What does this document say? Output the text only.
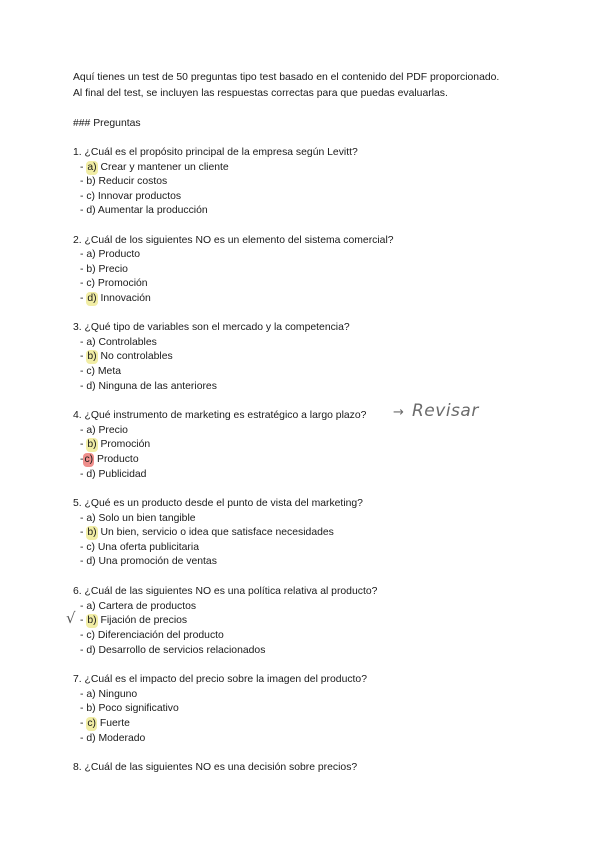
Aquí tienes un test de 50 preguntas tipo test basado en el contenido del PDF proporcionado.
Al final del test, se incluyen las respuestas correctas para que puedas evaluarlas.
### Preguntas
1. ¿Cuál es el propósito principal de la empresa según Levitt?
- a) Crear y mantener un cliente
- b) Reducir costos
- c) Innovar productos
- d) Aumentar la producción
2. ¿Cuál de los siguientes NO es un elemento del sistema comercial?
- a) Producto
- b) Precio
- c) Promoción
- d) Innovación
3. ¿Qué tipo de variables son el mercado y la competencia?
- a) Controlables
- b) No controlables
- c) Meta
- d) Ninguna de las anteriores
4. ¿Qué instrumento de marketing es estratégico a largo plazo? → Revisar
- a) Precio
- b) Promoción
-c) Producto
- d) Publicidad
5. ¿Qué es un producto desde el punto de vista del marketing?
- a) Solo un bien tangible
- b) Un bien, servicio o idea que satisface necesidades
- c) Una oferta publicitaria
- d) Una promoción de ventas
6. ¿Cuál de las siguientes NO es una política relativa al producto?
√
- a) Cartera de productos
- b) Fijación de precios
- c) Diferenciación del producto
- d) Desarrollo de servicios relacionados
7. ¿Cuál es el impacto del precio sobre la imagen del producto?
- a) Ninguno
- b) Poco significativo
- c) Fuerte
- d) Moderado
8. ¿Cuál de las siguientes NO es una decisión sobre precios?
